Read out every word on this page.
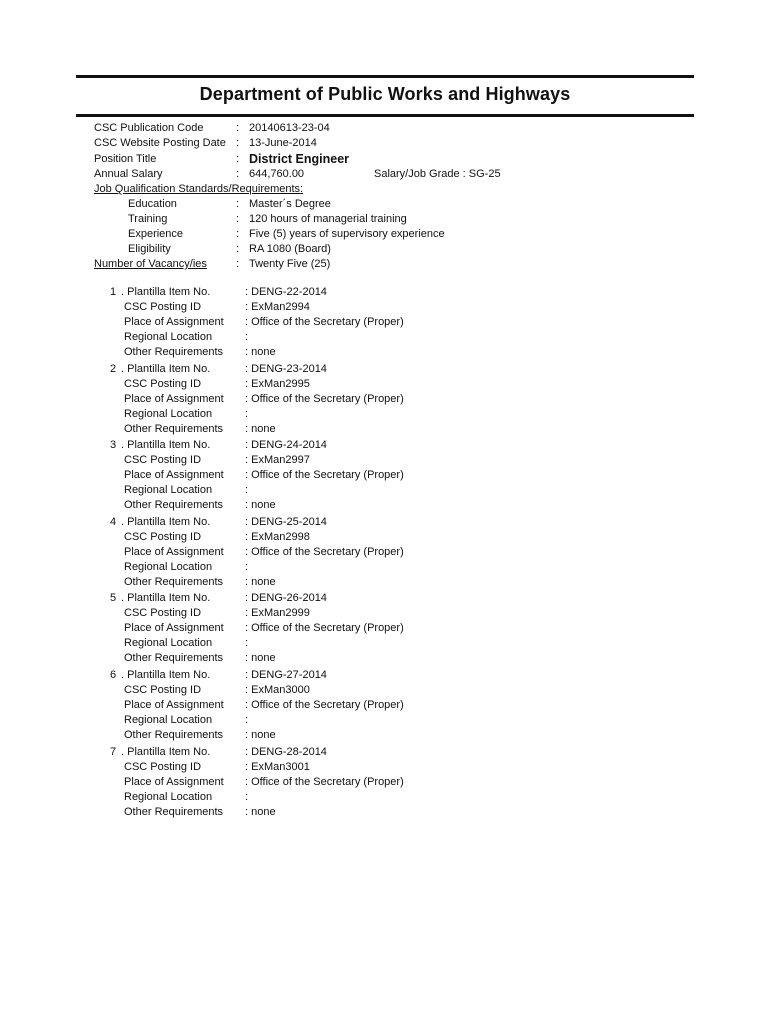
Department of Public Works and Highways
CSC Publication Code	: 20140613-23-04
CSC Website Posting Date : 13-June-2014
Position Title	: District Engineer
Annual Salary	: 644,760.00	Salary/Job Grade : SG-25
Job Qualification Standards/Requirements:
Education	: Master´s Degree
Training	: 120 hours of managerial training
Experience	: Five (5) years of supervisory experience
Eligibility	: RA 1080 (Board)
Number of Vacancy/ies	: Twenty Five (25)
1 . Plantilla Item No.	: DENG-22-2014
CSC Posting ID	: ExMan2994
Place of Assignment : Office of the Secretary (Proper)
Regional Location	:
Other Requirements : none
2 . Plantilla Item No.	: DENG-23-2014
CSC Posting ID	: ExMan2995
Place of Assignment : Office of the Secretary (Proper)
Regional Location	:
Other Requirements : none
3 . Plantilla Item No.	: DENG-24-2014
CSC Posting ID	: ExMan2997
Place of Assignment : Office of the Secretary (Proper)
Regional Location	:
Other Requirements : none
4 . Plantilla Item No.	: DENG-25-2014
CSC Posting ID	: ExMan2998
Place of Assignment : Office of the Secretary (Proper)
Regional Location	:
Other Requirements : none
5 . Plantilla Item No.	: DENG-26-2014
CSC Posting ID	: ExMan2999
Place of Assignment : Office of the Secretary (Proper)
Regional Location	:
Other Requirements : none
6 . Plantilla Item No.	: DENG-27-2014
CSC Posting ID	: ExMan3000
Place of Assignment : Office of the Secretary (Proper)
Regional Location	:
Other Requirements : none
7 . Plantilla Item No.	: DENG-28-2014
CSC Posting ID	: ExMan3001
Place of Assignment : Office of the Secretary (Proper)
Regional Location	:
Other Requirements : none
